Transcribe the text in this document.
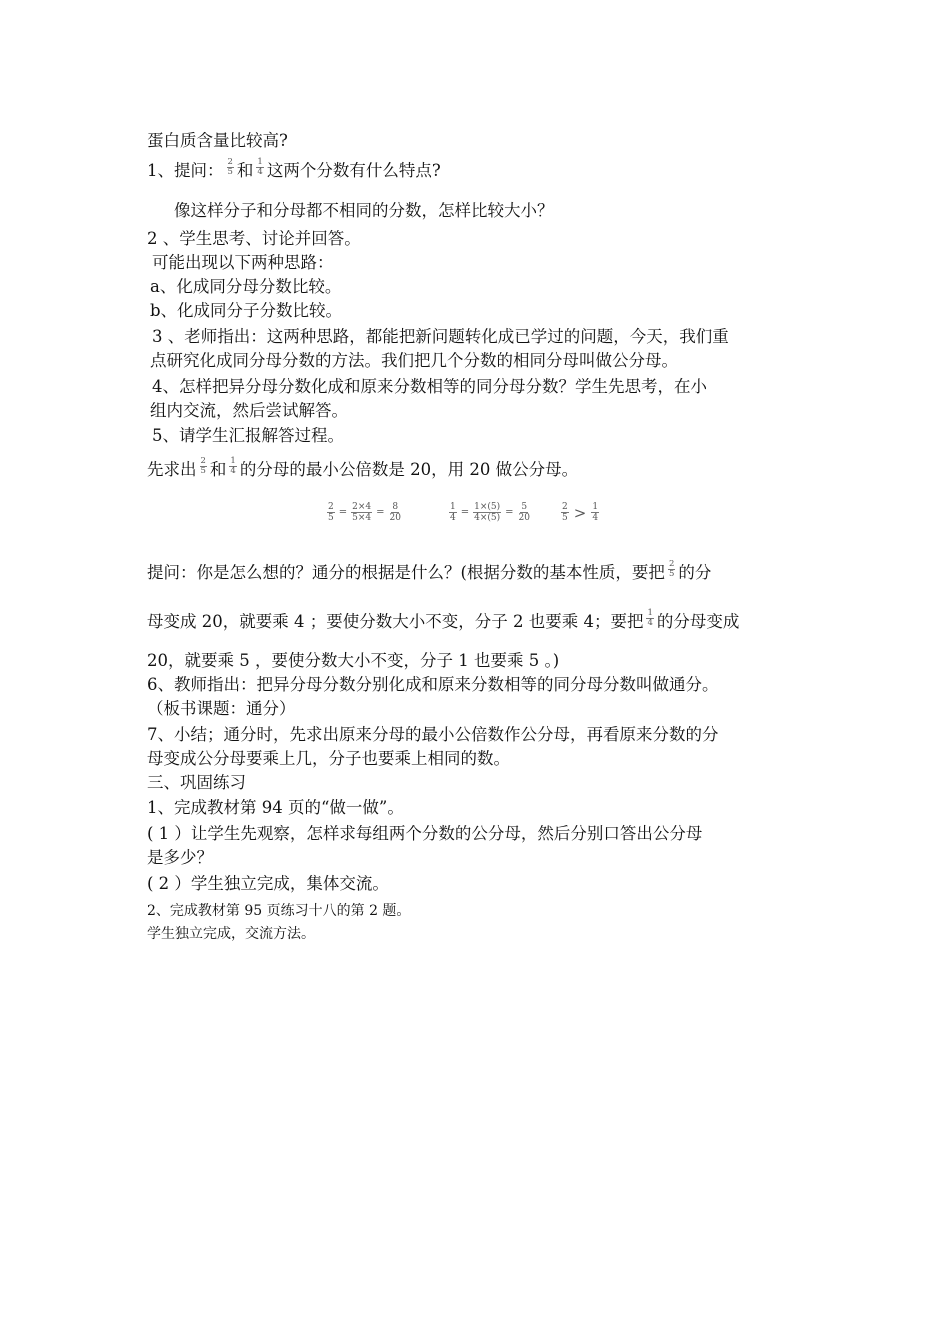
蛋白质含量比较高?
1、提问： $\frac{2}{5}$ 和 $\frac{1}{4}$ 这两个分数有什么特点?
像这样分子和分母都不相同的分数，怎样比较大小？
2 、学生思考、讨论并回答。
可能出现以下两种思路：
a、化成同分母分数比较。
b、化成同分子分数比较。
3 、老师指出：这两种思路，都能把新问题转化成已学过的问题，今天，我们重
点研究化成同分母分数的方法。我们把几个分数的相同分母叫做公分母。
4、怎样把异分母分数化成和原来分数相等的同分母分数？学生先思考，在小
组内交流，然后尝试解答。
5、请学生汇报解答过程。
先求出 $\frac{2}{5}$ 和 $\frac{1}{4}$ 的分母的最小公倍数是 20，用 20 做公分母。
$\frac{2}{5} = \frac{2\times 4}{5\times 4} = \frac{8}{20}$	$\frac{1}{4} = \frac{1\times(5)}{4\times(5)} = \frac{5}{20}$	$\frac{2}{5} > \frac{1}{4}$
提问：你是怎么想的？通分的根据是什么？(根据分数的基本性质，要把 $\frac{2}{5}$ 的分
母变成 20，就要乘 4 ；要使分数大小不变，分子 2 也要乘 4；要把 $\frac{1}{4}$ 的分母变成
20，就要乘 5 ，要使分数大小不变，分子 1 也要乘 5 。)
6、教师指出：把异分母分数分别化成和原来分数相等的同分母分数叫做通分。
（板书课题：通分）
7、小结；通分时，先求出原来分母的最小公倍数作公分母，再看原来分数的分
母变成公分母要乘上几，分子也要乘上相同的数。
三、巩固练习
1、完成教材第 94 页的“做一做”。
( 1 ）让学生先观察，怎样求每组两个分数的公分母，然后分别口答出公分母
是多少？
( 2 ）学生独立完成，集体交流。
2、完成教材第 95 页练习十八的第 2 题。
学生独立完成，交流方法。
